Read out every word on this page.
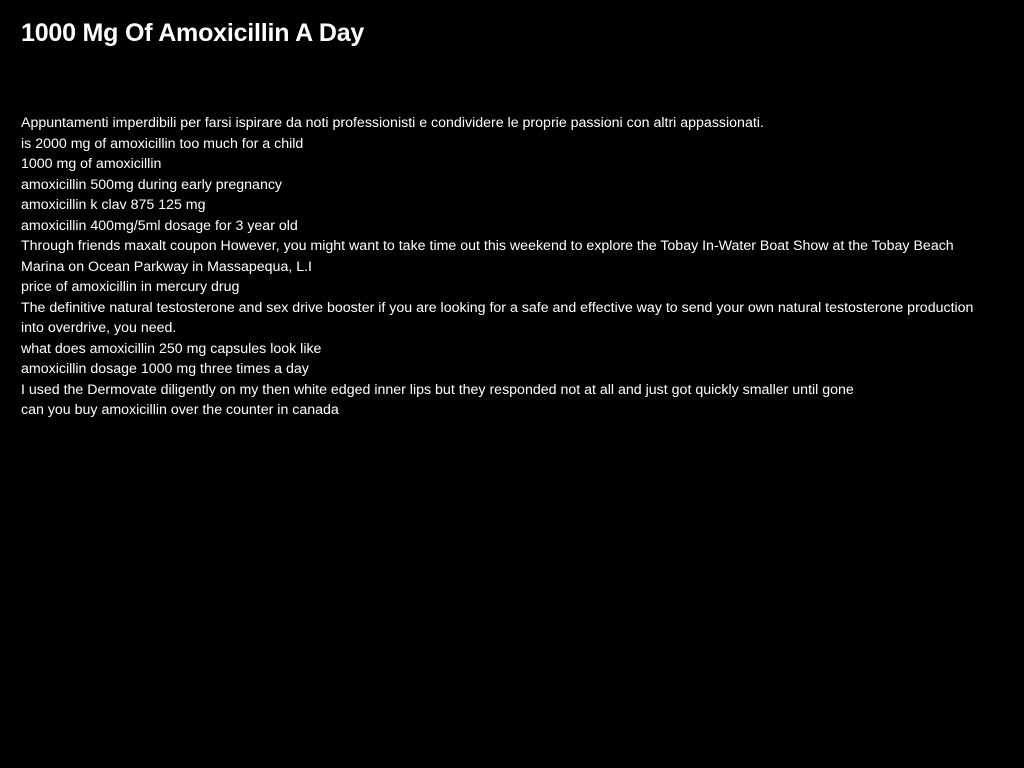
1000 Mg Of Amoxicillin A Day

Appuntamenti imperdibili per farsi ispirare da noti professionisti e condividere le proprie passioni con altri appassionati.

is 2000 mg of amoxicillin too much for a child

1000 mg of amoxicillin

amoxicillin 500mg during early pregnancy

amoxicillin k clav 875 125 mg

amoxicillin 400mg/5ml dosage for 3 year old

Through friends maxalt coupon However, you might want to take time out this weekend to explore the Tobay In-Water Boat Show at the Tobay Beach Marina on Ocean Parkway in Massapequa, L.I

price of amoxicillin in mercury drug

The definitive natural testosterone and sex drive booster if you are looking for a safe and effective way to send your own natural testosterone production into overdrive, you need.

what does amoxicillin 250 mg capsules look like

amoxicillin dosage 1000 mg three times a day

I used the Dermovate diligently on my then white edged inner lips but they responded not at all and just got quickly smaller until gone

can you buy amoxicillin over the counter in canada
